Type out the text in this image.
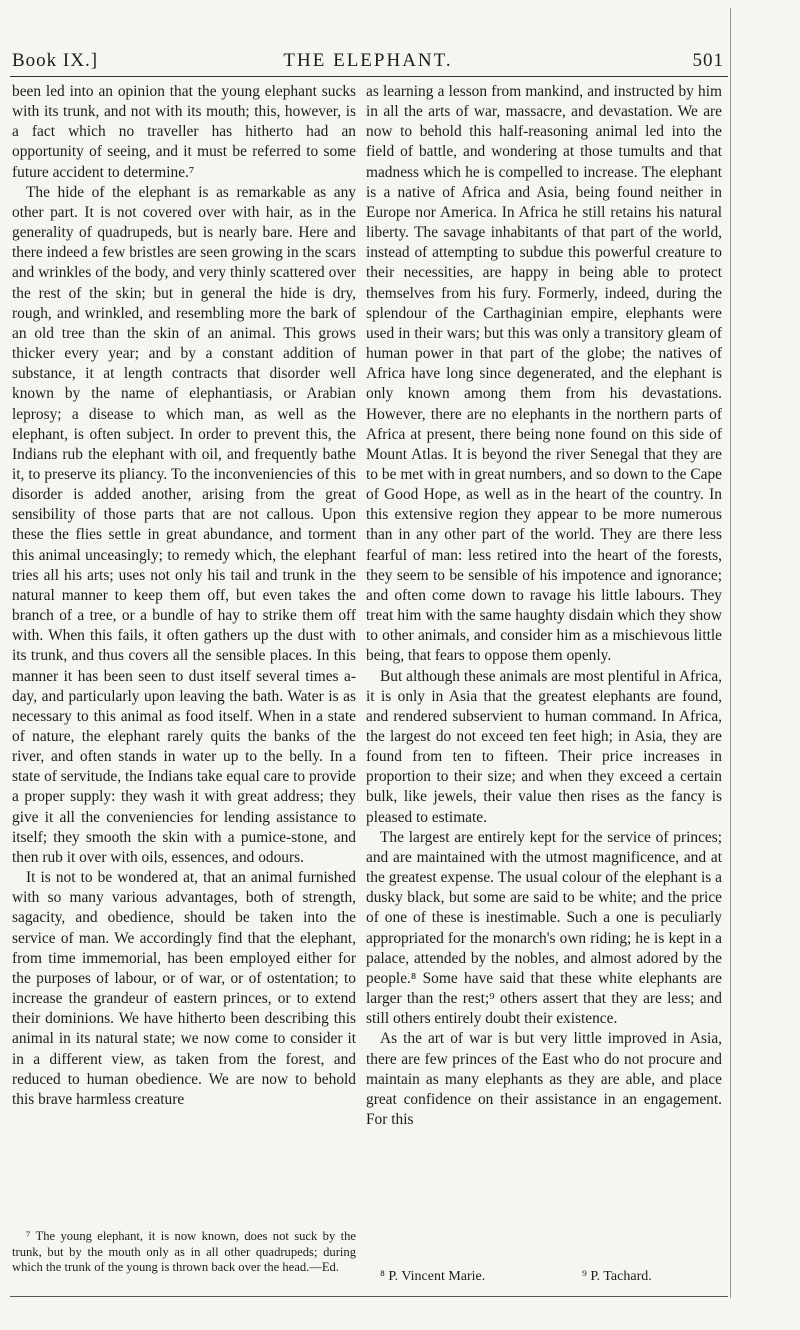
Book IX.]	THE ELEPHANT.	501

been led into an opinion that the young elephant sucks with its trunk, and not with its mouth; this, however, is a fact which no traveller has hitherto had an opportunity of seeing, and it must be referred to some future accident to determine.⁷

The hide of the elephant is as remarkable as any other part. It is not covered over with hair, as in the generality of quadrupeds, but is nearly bare. Here and there indeed a few bristles are seen growing in the scars and wrinkles of the body, and very thinly scattered over the rest of the skin; but in general the hide is dry, rough, and wrinkled, and resembling more the bark of an old tree than the skin of an animal. This grows thicker every year; and by a constant addition of substance, it at length contracts that disorder well known by the name of elephantiasis, or Arabian leprosy; a disease to which man, as well as the elephant, is often subject. In order to prevent this, the Indians rub the elephant with oil, and frequently bathe it, to preserve its pliancy. To the inconveniencies of this disorder is added another, arising from the great sensibility of those parts that are not callous. Upon these the flies settle in great abundance, and torment this animal unceasingly; to remedy which, the elephant tries all his arts; uses not only his tail and trunk in the natural manner to keep them off, but even takes the branch of a tree, or a bundle of hay to strike them off with. When this fails, it often gathers up the dust with its trunk, and thus covers all the sensible places. In this manner it has been seen to dust itself several times a-day, and particularly upon leaving the bath. Water is as necessary to this animal as food itself. When in a state of nature, the elephant rarely quits the banks of the river, and often stands in water up to the belly. In a state of servitude, the Indians take equal care to provide a proper supply: they wash it with great address; they give it all the conveniencies for lending assistance to itself; they smooth the skin with a pumice-stone, and then rub it over with oils, essences, and odours.

It is not to be wondered at, that an animal furnished with so many various advantages, both of strength, sagacity, and obedience, should be taken into the service of man. We accordingly find that the elephant, from time immemorial, has been employed either for the purposes of labour, or of war, or of ostentation; to increase the grandeur of eastern princes, or to extend their dominions. We have hitherto been describing this animal in its natural state; we now come to consider it in a different view, as taken from the forest, and reduced to human obedience. We are now to behold this brave harmless creature

as learning a lesson from mankind, and instructed by him in all the arts of war, massacre, and devastation. We are now to behold this half-reasoning animal led into the field of battle, and wondering at those tumults and that madness which he is compelled to increase. The elephant is a native of Africa and Asia, being found neither in Europe nor America. In Africa he still retains his natural liberty. The savage inhabitants of that part of the world, instead of attempting to subdue this powerful creature to their necessities, are happy in being able to protect themselves from his fury. Formerly, indeed, during the splendour of the Carthaginian empire, elephants were used in their wars; but this was only a transitory gleam of human power in that part of the globe; the natives of Africa have long since degenerated, and the elephant is only known among them from his devastations. However, there are no elephants in the northern parts of Africa at present, there being none found on this side of Mount Atlas. It is beyond the river Senegal that they are to be met with in great numbers, and so down to the Cape of Good Hope, as well as in the heart of the country. In this extensive region they appear to be more numerous than in any other part of the world. They are there less fearful of man: less retired into the heart of the forests, they seem to be sensible of his impotence and ignorance; and often come down to ravage his little labours. They treat him with the same haughty disdain which they show to other animals, and consider him as a mischievous little being, that fears to oppose them openly.

But although these animals are most plentiful in Africa, it is only in Asia that the greatest elephants are found, and rendered subservient to human command. In Africa, the largest do not exceed ten feet high; in Asia, they are found from ten to fifteen. Their price increases in proportion to their size; and when they exceed a certain bulk, like jewels, their value then rises as the fancy is pleased to estimate.

The largest are entirely kept for the service of princes; and are maintained with the utmost magnificence, and at the greatest expense. The usual colour of the elephant is a dusky black, but some are said to be white; and the price of one of these is inestimable. Such a one is peculiarly appropriated for the monarch's own riding; he is kept in a palace, attended by the nobles, and almost adored by the people.⁸ Some have said that these white elephants are larger than the rest;⁹ others assert that they are less; and still others entirely doubt their existence.

As the art of war is but very little improved in Asia, there are few princes of the East who do not procure and maintain as many elephants as they are able, and place great confidence on their assistance in an engagement. For this

⁷ The young elephant, it is now known, does not suck by the trunk, but by the mouth only as in all other quadrupeds; during which the trunk of the young is thrown back over the head.—Ed.

⁸ P. Vincent Marie.	⁹ P. Tachard.
